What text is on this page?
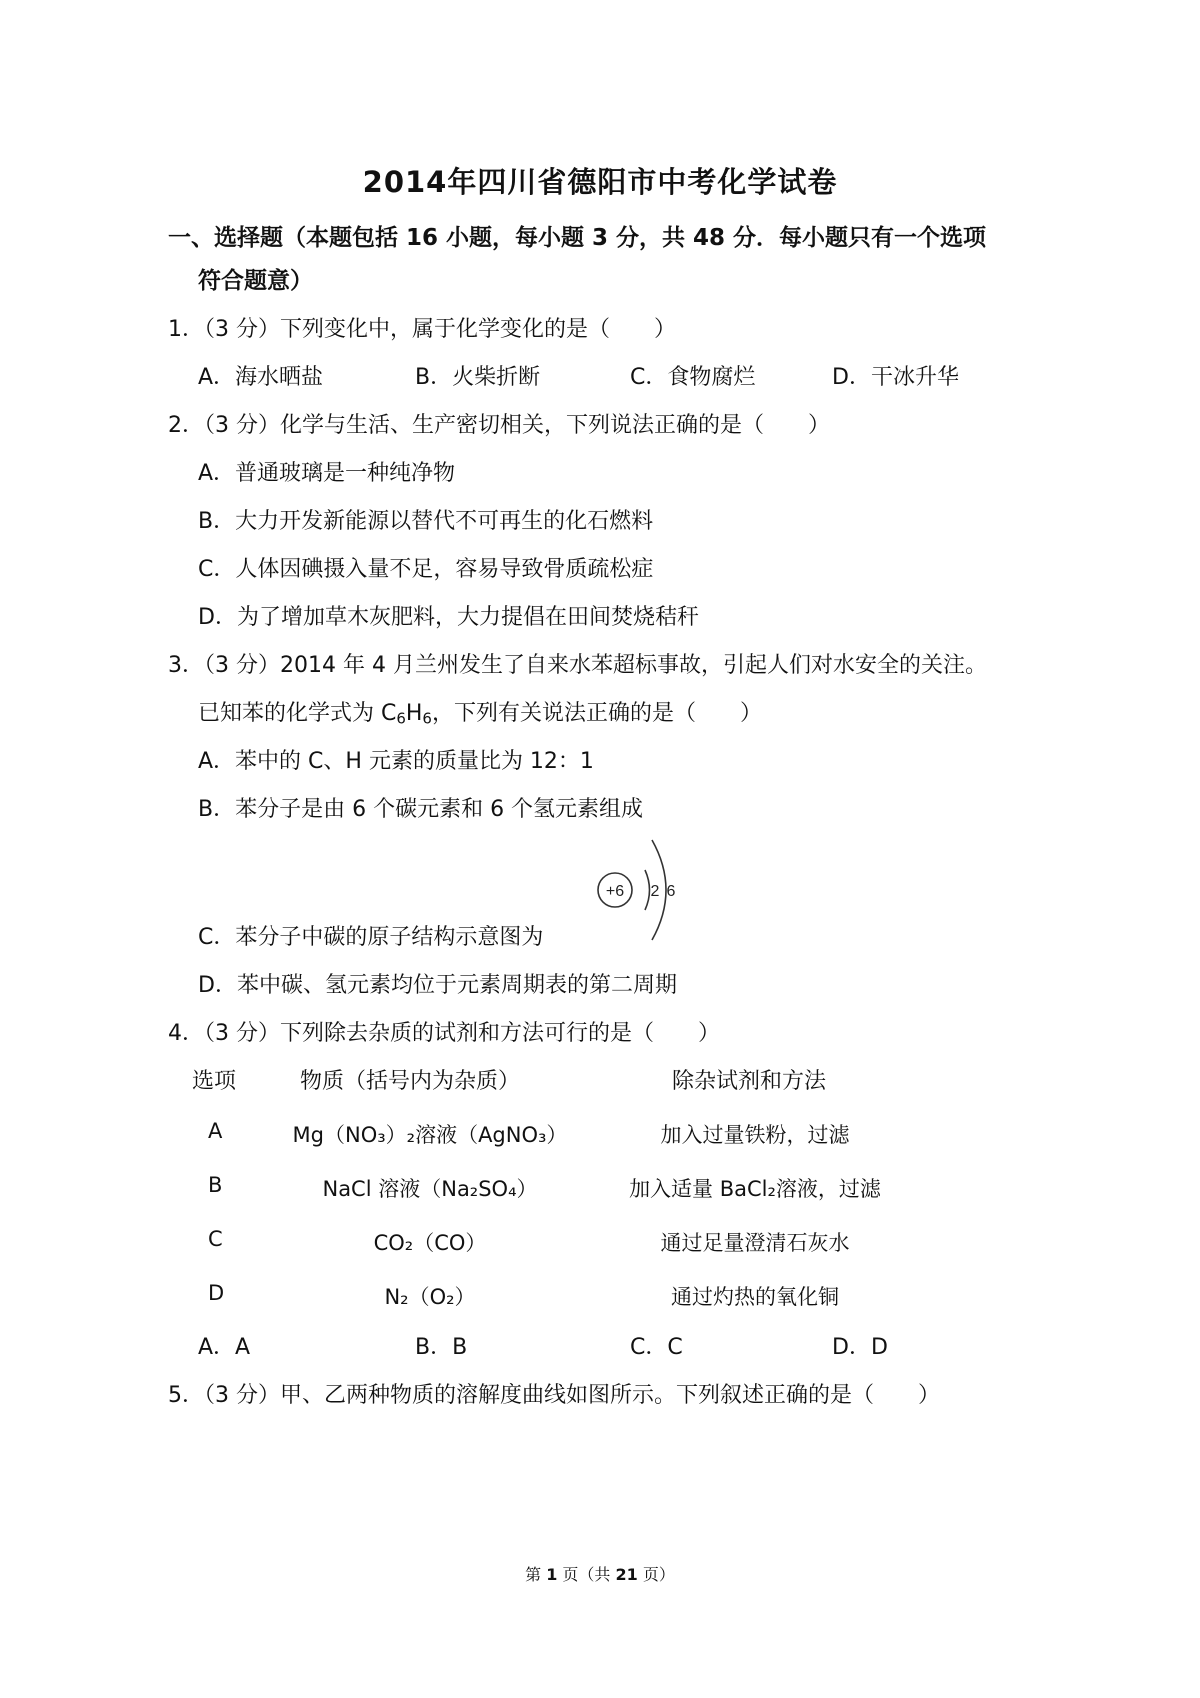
2014年四川省德阳市中考化学试卷
一、选择题（本题包括 16 小题，每小题 3 分，共 48 分．每小题只有一个选项
符合题意）
1．（3 分）下列变化中，属于化学变化的是（　　）
A．海水晒盐	B．火柴折断	C．食物腐烂	D．干冰升华
2．（3 分）化学与生活、生产密切相关，下列说法正确的是（　　）
A．普通玻璃是一种纯净物
B．大力开发新能源以替代不可再生的化石燃料
C．人体因碘摄入量不足，容易导致骨质疏松症
D．为了增加草木灰肥料，大力提倡在田间焚烧秸秆
3．（3 分）2014 年 4 月兰州发生了自来水苯超标事故，引起人们对水安全的关注。
已知苯的化学式为 $C_6H_6$，下列有关说法正确的是（　　）
A．苯中的 C、H 元素的质量比为 12：1
B．苯分子是由 6 个碳元素和 6 个氢元素组成
+6 2 6
C．苯分子中碳的原子结构示意图为
D．苯中碳、氢元素均位于元素周期表的第二周期
4．（3 分）下列除去杂质的试剂和方法可行的是（　　）
选项	物质（括号内为杂质）	除杂试剂和方法
A	Mg（NO₃）₂溶液（AgNO₃）	加入过量铁粉，过滤
B	NaCl 溶液（Na₂SO₄）	加入适量 BaCl₂溶液，过滤
C	CO₂（CO）	通过足量澄清石灰水
D	N₂（O₂）	通过灼热的氧化铜
A．A	B．B	C．C	D．D
5．（3 分）甲、乙两种物质的溶解度曲线如图所示。下列叙述正确的是（　　）
第 1 页（共 21 页）
